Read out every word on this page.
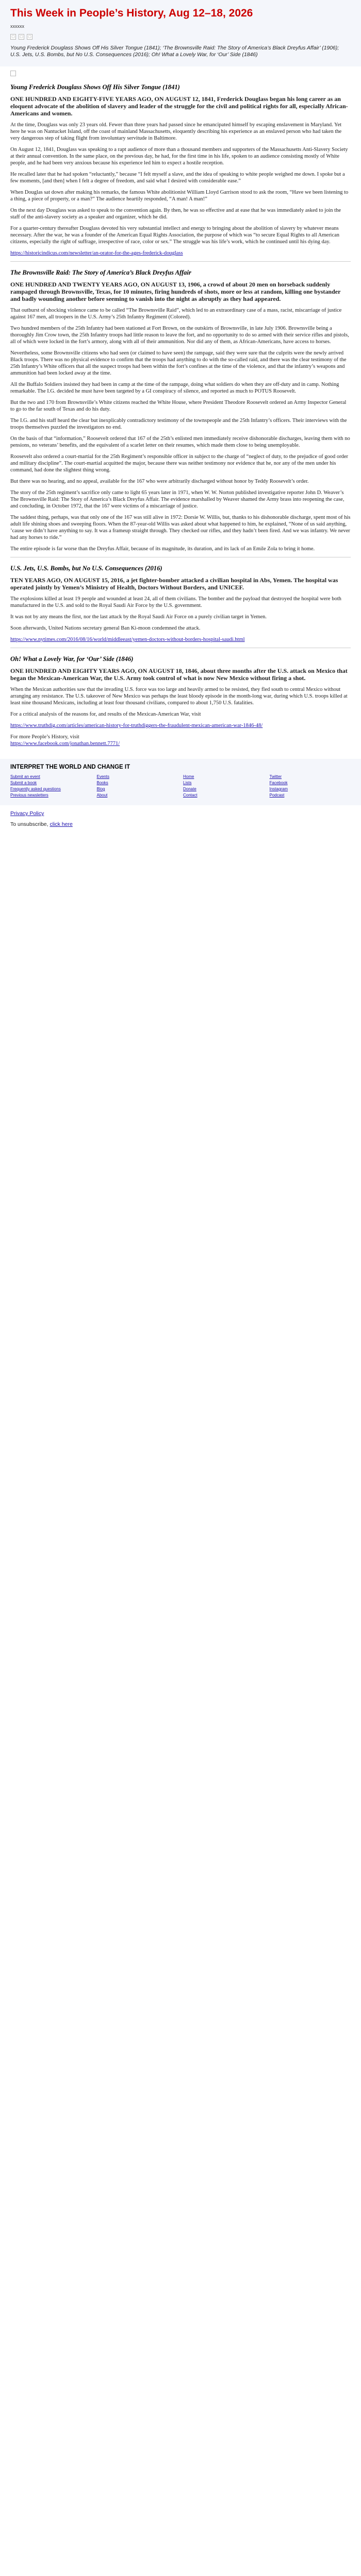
This Week in People’s History, Aug 12–18, 2026
xxxxxx
▢	▢	▢

Young Frederick Douglass Shows Off His Silver Tongue (1841); ‘The Brownsville Raid: The Story of America’s Black Dreyfus Affair’ (1906); U.S. Jets, U.S. Bombs, but No U.S. Consequences (2016); Oh! What a Lovely War, for ‘Our’ Side (1846)

Young Frederick Douglass Shows Off His Silver Tongue (1841)

ONE HUNDRED AND EIGHTY-FIVE YEARS AGO, ON AUGUST 12, 1841, Frederick Douglass began his long career as an eloquent advocate of the abolition of slavery and leader of the struggle for the civil and political rights for all, especially African-Americans and women.

At the time, Douglass was only 23 years old. Fewer than three years had passed since he emancipated himself by escaping enslavement in Maryland. Yet here he was on Nantucket Island, off the coast of mainland Massachusetts, eloquently describing his experience as an enslaved person who had taken the very dangerous step of taking flight from involuntary servitude in Baltimore.

On August 12, 1841, Douglass was speaking to a rapt audience of more than a thousand members and supporters of the Massachusetts Anti-Slavery Society at their annual convention. In the same place, on the previous day, he had, for the first time in his life, spoken to an audience consisting mostly of White people, and he had been very anxious because his experience led him to expect a hostile reception.

He recalled later that he had spoken “reluctantly,” because “I felt myself a slave, and the idea of speaking to white people weighed me down. I spoke but a few moments, [and then] when I felt a degree of freedom, and said what I desired with considerable ease.”

When Douglas sat down after making his remarks, the famous White abolitionist William Lloyd Garrison stood to ask the room, “Have we been listening to a thing, a piece of property, or a man?” The audience heartily responded, “A man! A man!”

On the next day Douglass was asked to speak to the convention again. By then, he was so effective and at ease that he was immediately asked to join the staff of the anti-slavery society as a speaker and organizer, which he did.

For a quarter-century thereafter Douglass devoted his very substantial intellect and energy to bringing about the abolition of slavery by whatever means necessary. After the war, he was a founder of the American Equal Rights Association, the purpose of which was “to secure Equal Rights to all American citizens, especially the right of suffrage, irrespective of race, color or sex.” The struggle was his life’s work, which he continued until his dying day.

https://historicindicus.com/newsletter/an-orator-for-the-ages-frederick-douglass

The Brownsville Raid: The Story of America’s Black Dreyfus Affair

ONE HUNDRED AND TWENTY YEARS AGO, ON AUGUST 13, 1906, a crowd of about 20 men on horseback suddenly rampaged through Brownsville, Texas, for 10 minutes, firing hundreds of shots, more or less at random, killing one bystander and badly wounding another before seeming to vanish into the night as abruptly as they had appeared.

That outburst of shocking violence came to be called “The Brownsville Raid”, which led to an extraordinary case of a mass, racist, miscarriage of justice against 167 men, all troopers in the U.S. Army’s 25th Infantry Regiment (Colored).

Two hundred members of the 25th Infantry had been stationed at Fort Brown, on the outskirts of Brownsville, in late July 1906. Brownsville being a thoroughly Jim Crow town, the 25th Infantry troops had little reason to leave the fort, and no opportunity to do so armed with their service rifles and pistols, all of which were locked in the fort’s armory, along with all of their ammunition. Nor did any of them, as African-Americans, have access to horses.

Nevertheless, some Brownsville citizens who had seen (or claimed to have seen) the rampage, said they were sure that the culprits were the newly arrived Black troops. There was no physical evidence to confirm that the troops had anything to do with the so-called raid, and there was the clear testimony of the 25th Infantry’s White officers that all the suspect troops had been within the fort’s confines at the time of the violence, and that the infantry’s weapons and ammunition had been locked away at the time.

All the Buffalo Soldiers insisted they had been in camp at the time of the rampage, doing what soldiers do when they are off-duty and in camp. Nothing remarkable. The I.G. decided he must have been targeted by a GI conspiracy of silence, and reported as much to POTUS Roosevelt.

But the two and 170 from Brownsville’s White citizens reached the White House, where President Theodore Roosevelt ordered an Army Inspector General to go to the far south of Texas and do his duty.

The I.G. and his staff heard the clear but inexplicably contradictory testimony of the townspeople and the 25th Infantry’s officers. Their interviews with the troops themselves puzzled the investigators no end.

On the basis of that “information,” Roosevelt ordered that 167 of the 25th’s enlisted men immediately receive dishonorable discharges, leaving them with no pensions, no veterans’ benefits, and the equivalent of a scarlet letter on their resumes, which made them close to being unemployable.

Roosevelt also ordered a court-martial for the 25th Regiment’s responsible officer in subject to the charge of “neglect of duty, to the prejudice of good order and military discipline”. The court-martial acquitted the major, because there was neither testimony nor evidence that he, nor any of the men under his command, had done the slightest thing wrong.

But there was no hearing, and no appeal, available for the 167 who were arbitrarily discharged without honor by Teddy Roosevelt’s order.

The story of the 25th regiment’s sacrifice only came to light 65 years later in 1971, when W. W. Norton published investigative reporter John D. Weaver’s The Brownsville Raid: The Story of America’s Black Dreyfus Affair. The evidence marshalled by Weaver shamed the Army brass into reopening the case, and concluding, in October 1972, that the 167 were victims of a miscarriage of justice.

The saddest thing, perhaps, was that only one of the 167 was still alive in 1972: Dorsie W. Willis, but, thanks to his dishonorable discharge, spent most of his adult life shining shoes and sweeping floors. When the 87-year-old Willis was asked about what happened to him, he explained, “None of us said anything, ’cause we didn’t have anything to say. It was a frameup straight through. They checked our rifles, and they hadn’t been fired. And we was infantry. We never had any horses to ride.”

The entire episode is far worse than the Dreyfus Affair, because of its magnitude, its duration, and its lack of an Emile Zola to bring it home.

U.S. Jets, U.S. Bombs, but No U.S. Consequences (2016)

TEN YEARS AGO, ON AUGUST 15, 2016, a jet fighter-bomber attacked a civilian hospital in Abs, Yemen. The hospital was operated jointly by Yemen’s Ministry of Health, Doctors Without Borders, and UNICEF.

The explosions killed at least 19 people and wounded at least 24, all of them civilians. The bomber and the payload that destroyed the hospital were both manufactured in the U.S. and sold to the Royal Saudi Air Force by the U.S. government.

It was not by any means the first, nor the last attack by the Royal Saudi Air Force on a purely civilian target in Yemen.

Soon afterwards, United Nations secretary general Ban Ki-moon condemned the attack.

https://www.nytimes.com/2016/08/16/world/middleeast/yemen-doctors-without-borders-hospital-saudi.html

Oh! What a Lovely War, for ‘Our’ Side (1846)

ONE HUNDRED AND EIGHTY YEARS AGO, ON AUGUST 18, 1846, about three months after the U.S. attack on Mexico that began the Mexican-American War, the U.S. Army took control of what is now New Mexico without firing a shot.

When the Mexican authorities saw that the invading U.S. force was too large and heavily armed to be resisted, they fled south to central Mexico without arranging any resistance. The U.S. takeover of New Mexico was perhaps the least bloody episode in the month-long war, during which U.S. troops killed at least nine thousand Mexicans, including at least four thousand civilians, compared to about 1,750 U.S. fatalities.

For a critical analysis of the reasons for, and results of the Mexican-American War, visit

https://www.truthdig.com/articles/american-history-for-truthdiggers-the-fraudulent-mexican-american-war-1846-48/

For more People’s History, visit
https://www.facebook.com/jonathan.bennett.7771/

INTERPRET THE WORLD AND CHANGE IT
Submit an event
Submit a book
Frequently asked questions
Previous newsletters
Events
Books
Blog
About
Home
Lists
Donate
Contact
Twitter
Facebook
Instagram
Podcast

Privacy Policy

To unsubscribe, click here
